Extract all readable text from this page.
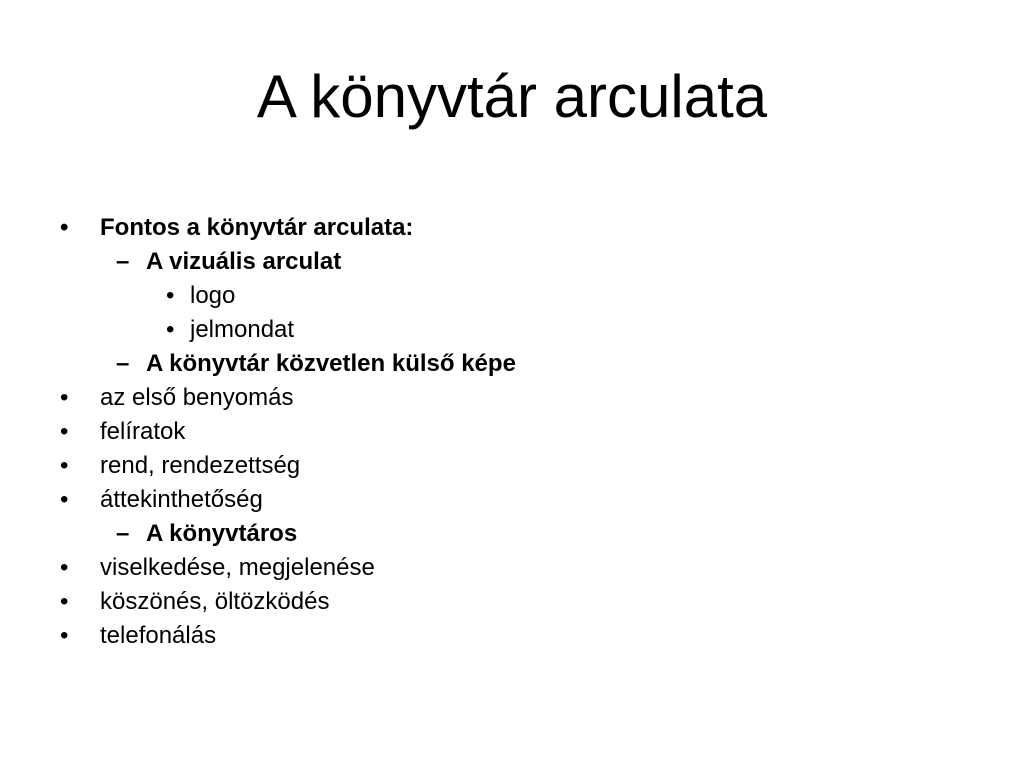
A könyvtár arculata
• Fontos a könyvtár arculata:
– A vizuális arculat
• logo
• jelmondat
– A könyvtár közvetlen külső képe
• az első benyomás
• felíratok
• rend, rendezettség
• áttekinthetőség
– A könyvtáros
• viselkedése, megjelenése
• köszönés, öltözködés
• telefonálás
